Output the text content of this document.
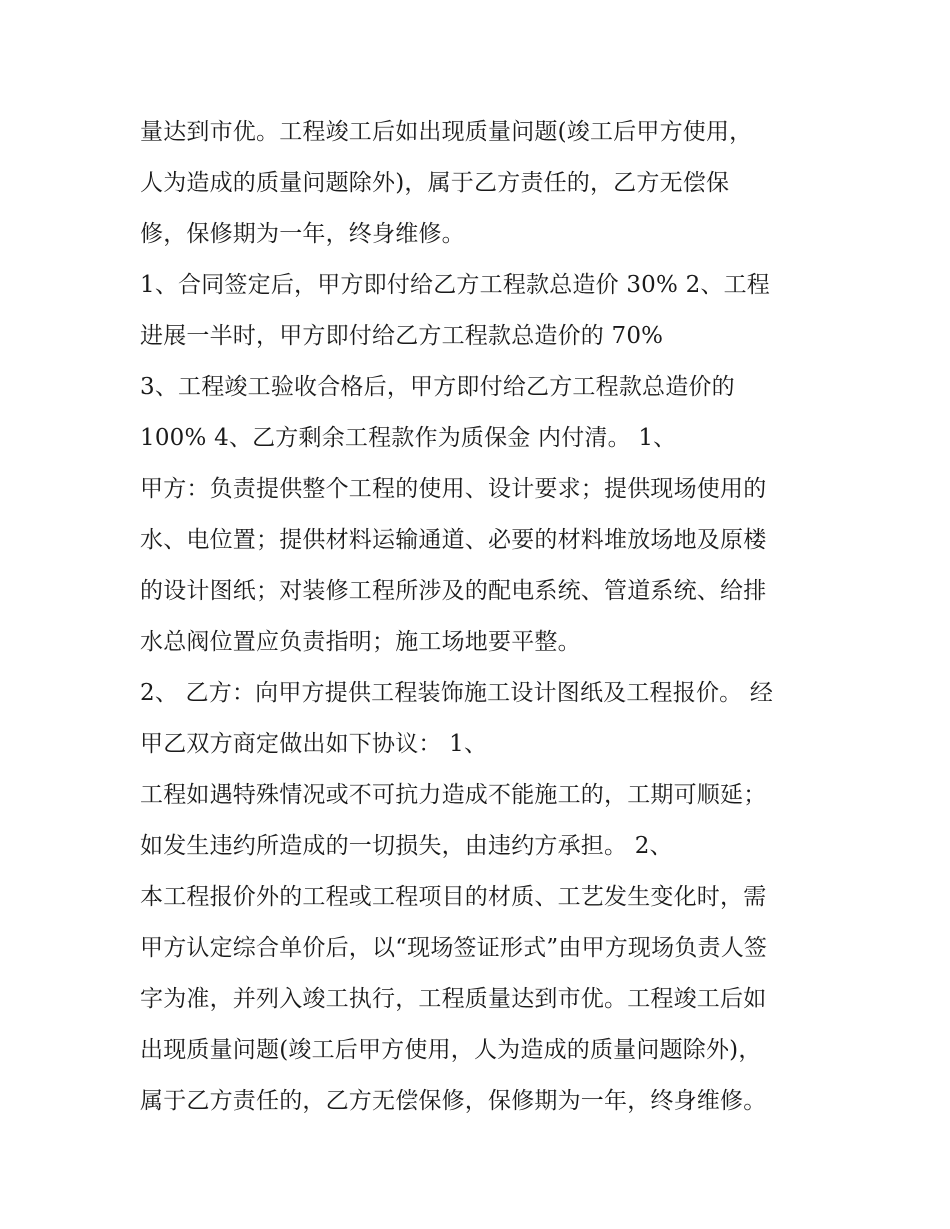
量达到市优。工程竣工后如出现质量问题(竣工后甲方使用，
人为造成的质量问题除外)，属于乙方责任的，乙方无偿保
修，保修期为一年，终身维修。
1、合同签定后，甲方即付给乙方工程款总造价 30% 2、工程
进展一半时，甲方即付给乙方工程款总造价的 70%
3、工程竣工验收合格后，甲方即付给乙方工程款总造价的
100% 4、乙方剩余工程款作为质保金 内付清。 1、
甲方：负责提供整个工程的使用、设计要求；提供现场使用的
水、电位置；提供材料运输通道、必要的材料堆放场地及原楼
的设计图纸；对装修工程所涉及的配电系统、管道系统、给排
水总阀位置应负责指明；施工场地要平整。
2、 乙方：向甲方提供工程装饰施工设计图纸及工程报价。 经
甲乙双方商定做出如下协议： 1、
工程如遇特殊情况或不可抗力造成不能施工的，工期可顺延；
如发生违约所造成的一切损失，由违约方承担。 2、
本工程报价外的工程或工程项目的材质、工艺发生变化时，需
甲方认定综合单价后，以“现场签证形式”由甲方现场负责人签
字为准，并列入竣工执行，工程质量达到市优。工程竣工后如
出现质量问题(竣工后甲方使用，人为造成的质量问题除外)，
属于乙方责任的，乙方无偿保修，保修期为一年，终身维修。
